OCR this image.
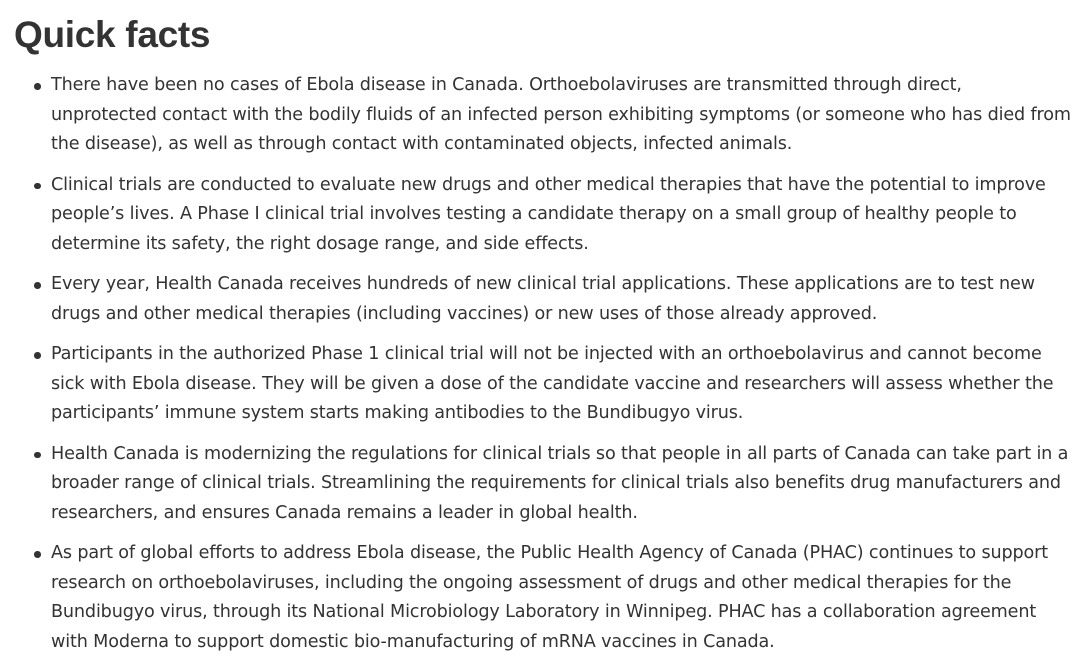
Quick facts
There have been no cases of Ebola disease in Canada. Orthoebolaviruses are transmitted through direct, unprotected contact with the bodily fluids of an infected person exhibiting symptoms (or someone who has died from the disease), as well as through contact with contaminated objects, infected animals.
Clinical trials are conducted to evaluate new drugs and other medical therapies that have the potential to improve people’s lives. A Phase I clinical trial involves testing a candidate therapy on a small group of healthy people to determine its safety, the right dosage range, and side effects.
Every year, Health Canada receives hundreds of new clinical trial applications. These applications are to test new drugs and other medical therapies (including vaccines) or new uses of those already approved.
Participants in the authorized Phase 1 clinical trial will not be injected with an orthoebolavirus and cannot become sick with Ebola disease. They will be given a dose of the candidate vaccine and researchers will assess whether the participants’ immune system starts making antibodies to the Bundibugyo virus.
Health Canada is modernizing the regulations for clinical trials so that people in all parts of Canada can take part in a broader range of clinical trials. Streamlining the requirements for clinical trials also benefits drug manufacturers and researchers, and ensures Canada remains a leader in global health.
As part of global efforts to address Ebola disease, the Public Health Agency of Canada (PHAC) continues to support research on orthoebolaviruses, including the ongoing assessment of drugs and other medical therapies for the Bundibugyo virus, through its National Microbiology Laboratory in Winnipeg. PHAC has a collaboration agreement with Moderna to support domestic bio-manufacturing of mRNA vaccines in Canada.
